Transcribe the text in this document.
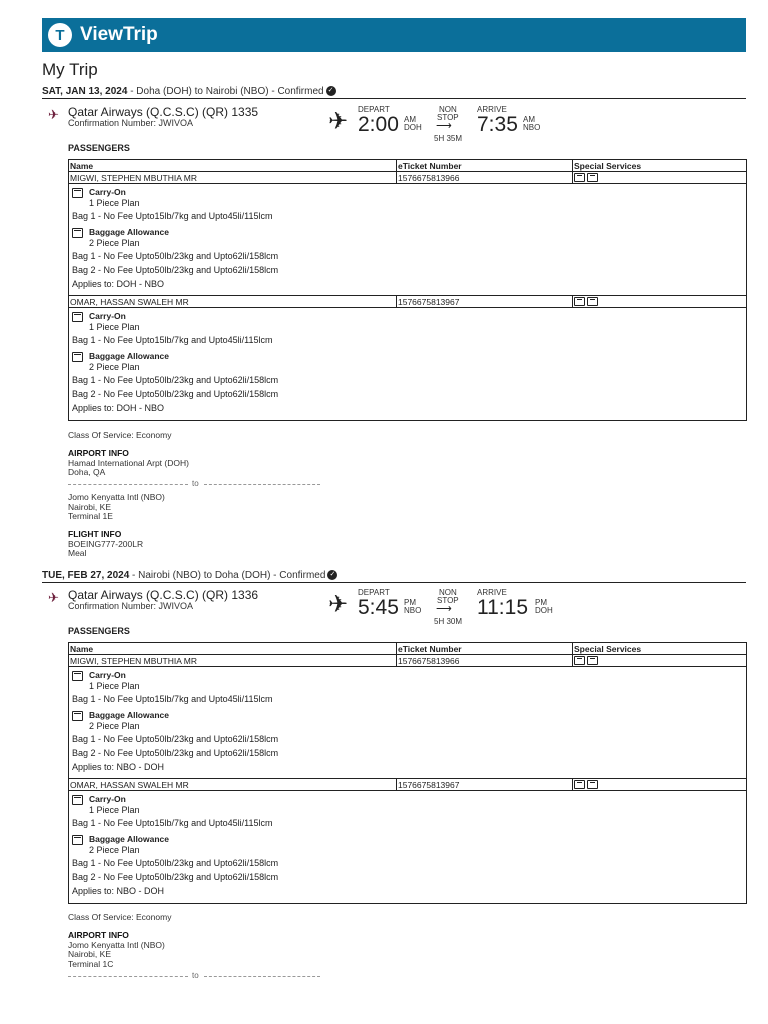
T ViewTrip
My Trip
SAT, JAN 13, 2024 - Doha (DOH) to Nairobi (NBO) - Confirmed ✓
✈ Qatar Airways (Q.C.S.C) (QR) 1335
Confirmation Number: JWIVOA	✈ DEPART
2:00 AM
DOH
NON
STOP
⟶
5H 35M
ARRIVE
7:35 AM
NBO
PASSENGERS
Name	eTicket Number	Special Services
MIGWI, STEPHEN MBUTHIA MR	1576675813966
Carry-On
1 Piece Plan
Bag 1 - No Fee Upto15lb/7kg and Upto45li/115lcm
Baggage Allowance
2 Piece Plan
Bag 1 - No Fee Upto50lb/23kg and Upto62li/158lcm
Bag 2 - No Fee Upto50lb/23kg and Upto62li/158lcm
Applies to: DOH - NBO
OMAR, HASSAN SWALEH MR	1576675813967
Carry-On
1 Piece Plan
Bag 1 - No Fee Upto15lb/7kg and Upto45li/115lcm
Baggage Allowance
2 Piece Plan
Bag 1 - No Fee Upto50lb/23kg and Upto62li/158lcm
Bag 2 - No Fee Upto50lb/23kg and Upto62li/158lcm
Applies to: DOH - NBO
Class Of Service: Economy
AIRPORT INFO
Hamad International Arpt (DOH)
Doha, QA
to
Jomo Kenyatta Intl (NBO)
Nairobi, KE
Terminal 1E
FLIGHT INFO
BOEING777-200LR
Meal
TUE, FEB 27, 2024 - Nairobi (NBO) to Doha (DOH) - Confirmed ✓
✈ Qatar Airways (Q.C.S.C) (QR) 1336
Confirmation Number: JWIVOA	✈ DEPART
5:45 PM
NBO
NON
STOP
⟶
5H 30M
ARRIVE
11:15 PM
DOH
PASSENGERS
Name	eTicket Number	Special Services
MIGWI, STEPHEN MBUTHIA MR	1576675813966
Carry-On
1 Piece Plan
Bag 1 - No Fee Upto15lb/7kg and Upto45li/115lcm
Baggage Allowance
2 Piece Plan
Bag 1 - No Fee Upto50lb/23kg and Upto62li/158lcm
Bag 2 - No Fee Upto50lb/23kg and Upto62li/158lcm
Applies to: NBO - DOH
OMAR, HASSAN SWALEH MR	1576675813967
Carry-On
1 Piece Plan
Bag 1 - No Fee Upto15lb/7kg and Upto45li/115lcm
Baggage Allowance
2 Piece Plan
Bag 1 - No Fee Upto50lb/23kg and Upto62li/158lcm
Bag 2 - No Fee Upto50lb/23kg and Upto62li/158lcm
Applies to: NBO - DOH
Class Of Service: Economy
AIRPORT INFO
Jomo Kenyatta Intl (NBO)
Nairobi, KE
Terminal 1C
to
